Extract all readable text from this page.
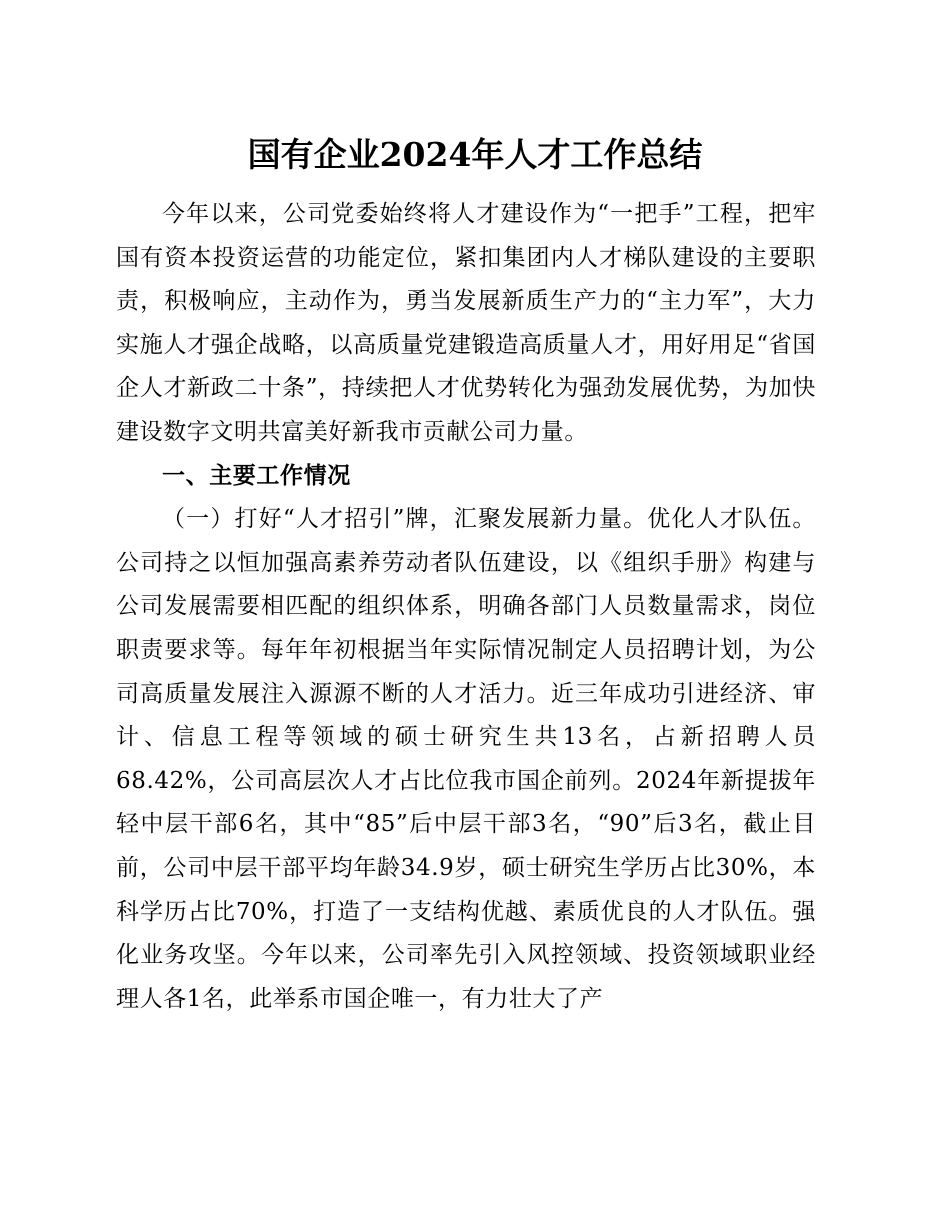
国有企业2024年人才工作总结

今年以来，公司党委始终将人才建设作为“一把手”工程，把牢国有资本投资运营的功能定位，紧扣集团内人才梯队建设的主要职责，积极响应，主动作为，勇当发展新质生产力的“主力军”，大力实施人才强企战略，以高质量党建锻造高质量人才，用好用足“省国企人才新政二十条”，持续把人才优势转化为强劲发展优势，为加快建设数字文明共富美好新我市贡献公司力量。

一、主要工作情况

（一）打好“人才招引”牌，汇聚发展新力量。优化人才队伍。公司持之以恒加强高素养劳动者队伍建设，以《组织手册》构建与公司发展需要相匹配的组织体系，明确各部门人员数量需求，岗位职责要求等。每年年初根据当年实际情况制定人员招聘计划，为公司高质量发展注入源源不断的人才活力。近三年成功引进经济、审计、信息工程等领域的硕士研究生共13名，占新招聘人员68.42%，公司高层次人才占比位我市国企前列。2024年新提拔年轻中层干部6名，其中“85”后中层干部3名，“90”后3名，截止目前，公司中层干部平均年龄34.9岁，硕士研究生学历占比30%，本科学历占比70%，打造了一支结构优越、素质优良的人才队伍。强化业务攻坚。今年以来，公司率先引入风控领域、投资领域职业经理人各1名，此举系市国企唯一，有力壮大了产
